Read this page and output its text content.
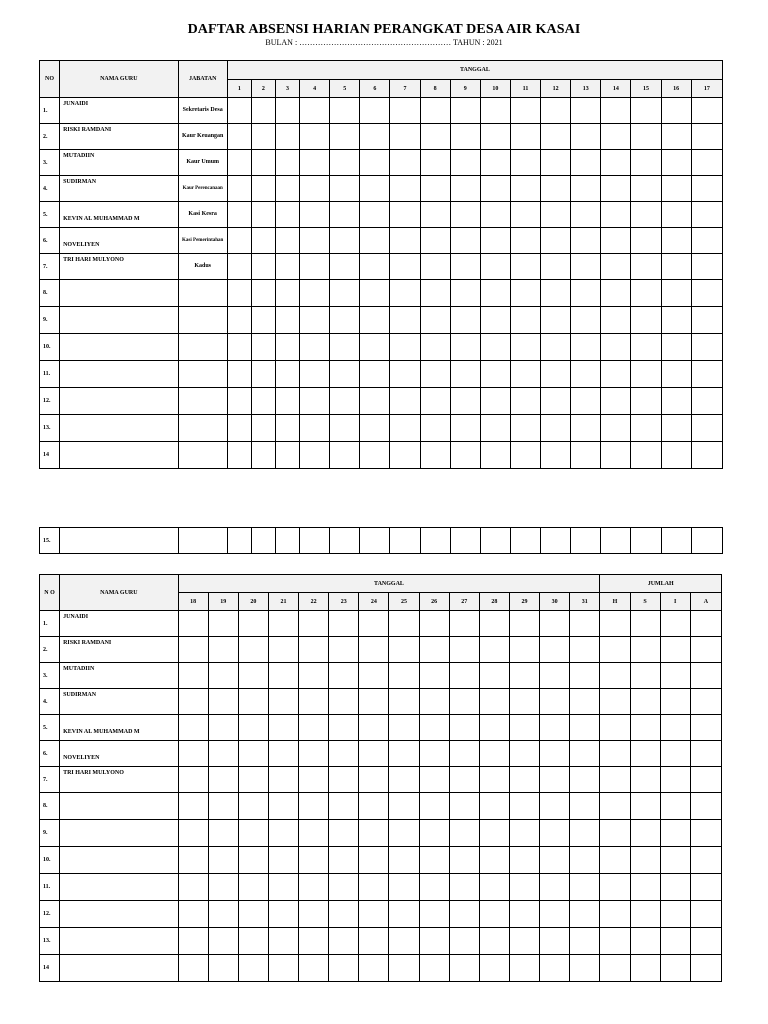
DAFTAR ABSENSI HARIAN PERANGKAT DESA AIR KASAI
BULAN : ………………………………………………… TAHUN : 2021
NO	NAMA GURU	JABATAN	TANGGAL																
			1	2	3	4	5	6	7	8	9	10	11	12	13	14	15	16	17
1.	JUNAIDI	Sekretaris Desa																	
2.	RISKI RAMDANI	Kaur Keuangan																	
3.	MUTADIIN	Kaur Umum																	
4.	SUDIRMAN	Kaur Perencanaan																	
5.	KEVIN AL MUHAMMAD M	Kasi Kesra																	
6.	NOVELIYEN	Kasi Pemerintahan																	
7.	TRI HARI MULYONO	Kadus																	
8.																			
9.																			
10.																			
11.																			
12.																			
13.																			
14																			
15.																			
N O	NAMA GURU	TANGGAL														JUMLAH			
		18	19	20	21	22	23	24	25	26	27	28	29	30	31	H	S	I	A
1.	JUNAIDI																		
2.	RISKI RAMDANI																		
3.	MUTADIIN																		
4.	SUDIRMAN																		
5.	KEVIN AL MUHAMMAD M																		
6.	NOVELIYEN																		
7.	TRI HARI MULYONO																		
8.																			
9.																			
10.																			
11.																			
12.																			
13.																			
14																			
